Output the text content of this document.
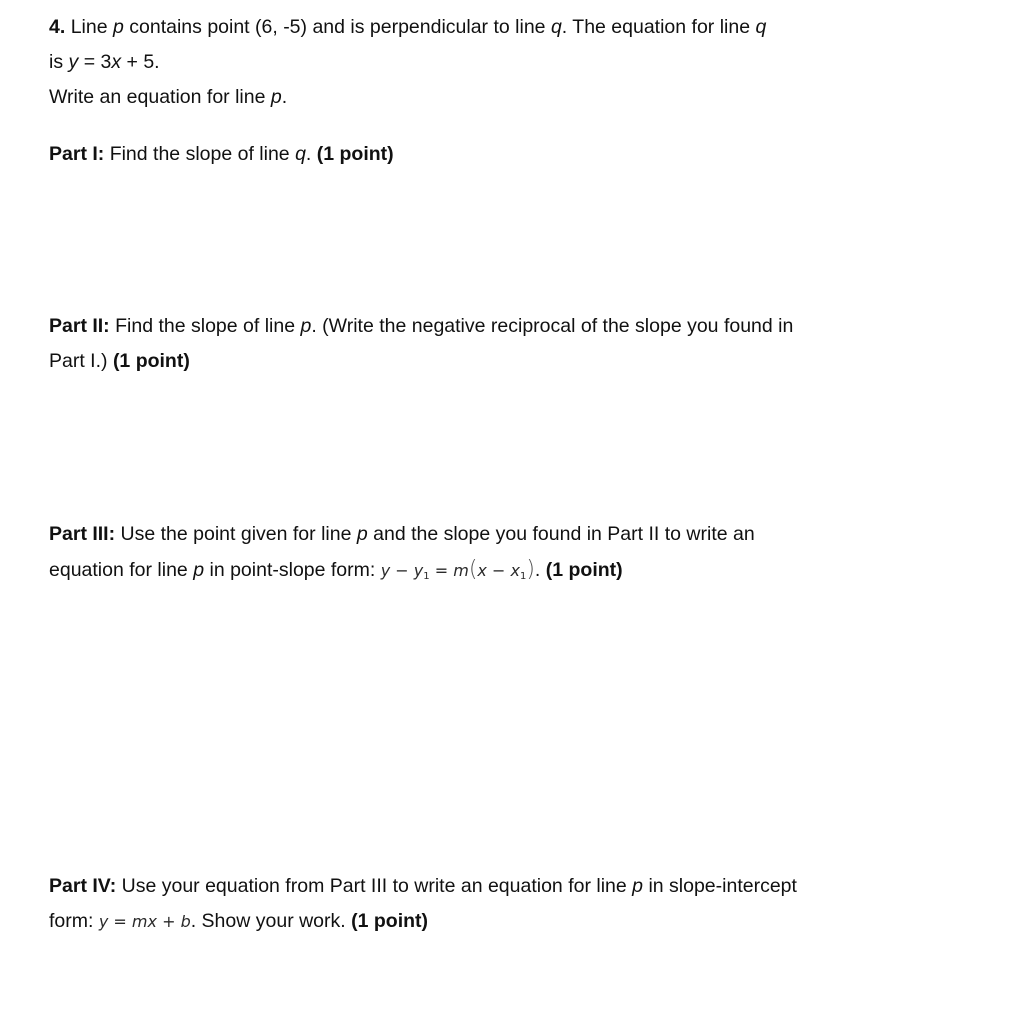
4. Line p contains point (6, -5) and is perpendicular to line q. The equation for line q
is y = 3x + 5.
Write an equation for line p.

Part I: Find the slope of line q. (1 point)

Part II: Find the slope of line p. (Write the negative reciprocal of the slope you found in Part I.) (1 point)

Part III: Use the point given for line p and the slope you found in Part II to write an equation for line p in point-slope form: $y - y_1 = m(x - x_1)$. (1 point)

Part IV: Use your equation from Part III to write an equation for line p in slope-intercept form: y = mx + b. Show your work. (1 point)
